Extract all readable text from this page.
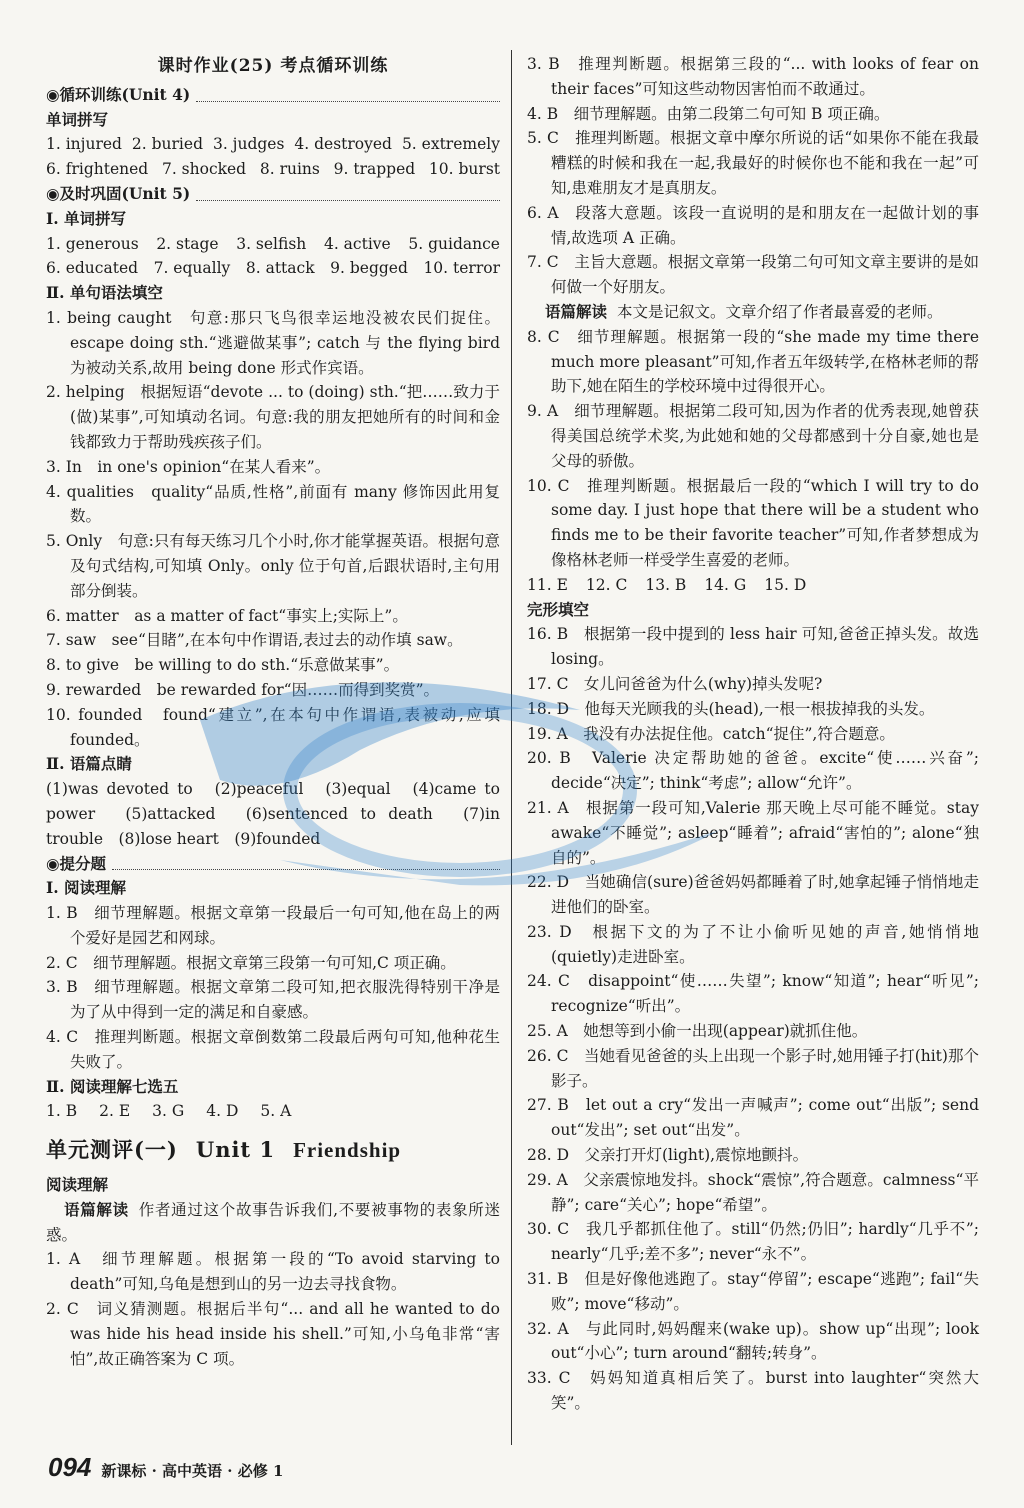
课时作业(25) 考点循环训练
◉循环训练(Unit 4)
单词拼写
1. injured 2. buried 3. judges 4. destroyed 5. extremely
6. frightened 7. shocked 8. ruins 9. trapped 10. burst
◉及时巩固(Unit 5)
Ⅰ. 单词拼写
1. generous 2. stage 3. selfish 4. active 5. guidance
6. educated 7. equally 8. attack 9. begged 10. terror
Ⅱ. 单句语法填空
1. being caught　句意:那只飞鸟很幸运地没被农民们捉住。escape doing sth.“逃避做某事”; catch 与 the flying bird 为被动关系,故用 being done 形式作宾语。
2. helping　根据短语“devote ... to (doing) sth.“把……致力于(做)某事”,可知填动名词。句意:我的朋友把她所有的时间和金钱都致力于帮助残疾孩子们。
3. In　in one's opinion“在某人看来”。
4. qualities　quality“品质,性格”,前面有 many 修饰因此用复数。
5. Only　句意:只有每天练习几个小时,你才能掌握英语。根据句意及句式结构,可知填 Only。only 位于句首,后跟状语时,主句用部分倒装。
6. matter　as a matter of fact“事实上;实际上”。
7. saw　see“目睹”,在本句中作谓语,表过去的动作填 saw。
8. to give　be willing to do sth.“乐意做某事”。
9. rewarded　be rewarded for“因……而得到奖赏”。
10. founded　found“建立”,在本句中作谓语,表被动,应填 founded。
Ⅱ. 语篇点睛
(1)was devoted to　(2)peaceful　(3)equal　(4)came to power　(5)attacked　(6)sentenced to death　(7)in trouble　(8)lose heart　(9)founded
◉提分题
Ⅰ. 阅读理解
1. B　细节理解题。根据文章第一段最后一句可知,他在岛上的两个爱好是园艺和网球。
2. C　细节理解题。根据文章第三段第一句可知,C 项正确。
3. B　细节理解题。根据文章第二段可知,把衣服洗得特别干净是为了从中得到一定的满足和自豪感。
4. C　推理判断题。根据文章倒数第二段最后两句可知,他种花生失败了。
Ⅱ. 阅读理解七选五
1. B 2. E 3. G 4. D 5. A
单元测评(一) Unit 1 Friendship
阅读理解
语篇解读 作者通过这个故事告诉我们,不要被事物的表象所迷惑。
1. A　细节理解题。根据第一段的“To avoid starving to death”可知,乌龟是想到山的另一边去寻找食物。
2. C　词义猜测题。根据后半句“... and all he wanted to do was hide his head inside his shell.”可知,小乌龟非常“害怕”,故正确答案为 C 项。
3. B　推理判断题。根据第三段的“... with looks of fear on their faces”可知这些动物因害怕而不敢通过。
4. B　细节理解题。由第二段第二句可知 B 项正确。
5. C　推理判断题。根据文章中摩尔所说的话“如果你不能在我最糟糕的时候和我在一起,我最好的时候你也不能和我在一起”可知,患难朋友才是真朋友。
6. A　段落大意题。该段一直说明的是和朋友在一起做计划的事情,故选项 A 正确。
7. C　主旨大意题。根据文章第一段第二句可知文章主要讲的是如何做一个好朋友。
语篇解读 本文是记叙文。文章介绍了作者最喜爱的老师。
8. C　细节理解题。根据第一段的“she made my time there much more pleasant”可知,作者五年级转学,在格林老师的帮助下,她在陌生的学校环境中过得很开心。
9. A　细节理解题。根据第二段可知,因为作者的优秀表现,她曾获得美国总统学术奖,为此她和她的父母都感到十分自豪,她也是父母的骄傲。
10. C　推理判断题。根据最后一段的“which I will try to do some day. I just hope that there will be a student who finds me to be their favorite teacher”可知,作者梦想成为像格林老师一样受学生喜爱的老师。
11. E 12. C 13. B 14. G 15. D
完形填空
16. B　根据第一段中提到的 less hair 可知,爸爸正掉头发。故选 losing。
17. C　女儿问爸爸为什么(why)掉头发呢?
18. D　他每天光顾我的头(head),一根一根拔掉我的头发。
19. A　我没有办法捉住他。catch“捉住”,符合题意。
20. B　Valerie 决定帮助她的爸爸。excite“使……兴奋”; decide“决定”; think“考虑”; allow“允许”。
21. A　根据第一段可知,Valerie 那天晚上尽可能不睡觉。stay awake“不睡觉”; asleep“睡着”; afraid“害怕的”; alone“独自的”。
22. D　当她确信(sure)爸爸妈妈都睡着了时,她拿起锤子悄悄地走进他们的卧室。
23. D　根据下文的为了不让小偷听见她的声音,她悄悄地(quietly)走进卧室。
24. C　disappoint“使……失望”; know“知道”; hear“听见”; recognize“听出”。
25. A　她想等到小偷一出现(appear)就抓住他。
26. C　当她看见爸爸的头上出现一个影子时,她用锤子打(hit)那个影子。
27. B　let out a cry“发出一声喊声”; come out“出版”; send out“发出”; set out“出发”。
28. D　父亲打开灯(light),震惊地颤抖。
29. A　父亲震惊地发抖。shock“震惊”,符合题意。calmness“平静”; care“关心”; hope“希望”。
30. C　我几乎都抓住他了。still“仍然;仍旧”; hardly“几乎不”; nearly“几乎;差不多”; never“永不”。
31. B　但是好像他逃跑了。stay“停留”; escape“逃跑”; fail“失败”; move“移动”。
32. A　与此同时,妈妈醒来(wake up)。show up“出现”; look out“小心”; turn around“翻转;转身”。
33. C　妈妈知道真相后笑了。burst into laughter“突然大笑”。
094 新课标 · 高中英语 · 必修 1
